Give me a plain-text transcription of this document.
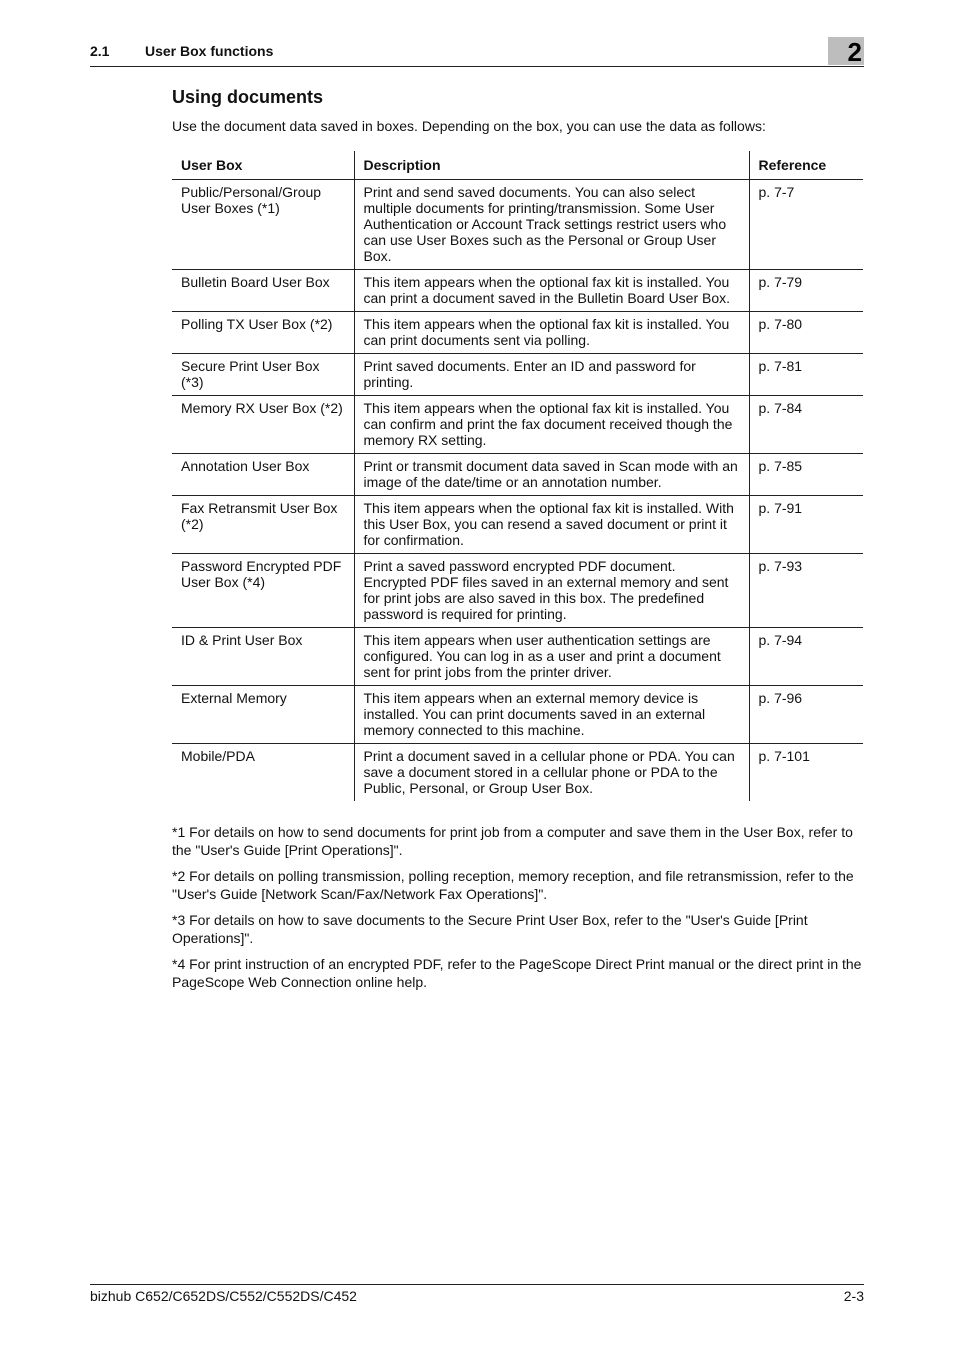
2.1	User Box functions	2
Using documents

Use the document data saved in boxes. Depending on the box, you can use the data as follows:

User Box	Description	Reference
Public/Personal/Group User Boxes (*1)	Print and send saved documents. You can also select multiple documents for printing/transmission. Some User Authentication or Account Track settings restrict users who can use User Boxes such as the Personal or Group User Box.	p. 7-7
Bulletin Board User Box	This item appears when the optional fax kit is installed. You can print a document saved in the Bulletin Board User Box.	p. 7-79
Polling TX User Box (*2)	This item appears when the optional fax kit is installed. You can print documents sent via polling.	p. 7-80
Secure Print User Box (*3)	Print saved documents. Enter an ID and password for printing.	p. 7-81
Memory RX User Box (*2)	This item appears when the optional fax kit is installed. You can confirm and print the fax document received though the memory RX setting.	p. 7-84
Annotation User Box	Print or transmit document data saved in Scan mode with an image of the date/time or an annotation number.	p. 7-85
Fax Retransmit User Box (*2)	This item appears when the optional fax kit is installed. With this User Box, you can resend a saved document or print it for confirmation.	p. 7-91
Password Encrypted PDF User Box (*4)	Print a saved password encrypted PDF document. Encrypted PDF files saved in an external memory and sent for print jobs are also saved in this box. The predefined password is required for printing.	p. 7-93
ID & Print User Box	This item appears when user authentication settings are configured. You can log in as a user and print a document sent for print jobs from the printer driver.	p. 7-94
External Memory	This item appears when an external memory device is installed. You can print documents saved in an external memory connected to this machine.	p. 7-96
Mobile/PDA	Print a document saved in a cellular phone or PDA. You can save a document stored in a cellular phone or PDA to the Public, Personal, or Group User Box.	p. 7-101

*1 For details on how to send documents for print job from a computer and save them in the User Box, refer to the "User's Guide [Print Operations]".

*2 For details on polling transmission, polling reception, memory reception, and file retransmission, refer to the "User's Guide [Network Scan/Fax/Network Fax Operations]".

*3 For details on how to save documents to the Secure Print User Box, refer to the "User's Guide [Print Operations]".

*4 For print instruction of an encrypted PDF, refer to the PageScope Direct Print manual or the direct print in the PageScope Web Connection online help.

bizhub C652/C652DS/C552/C552DS/C452	2-3
